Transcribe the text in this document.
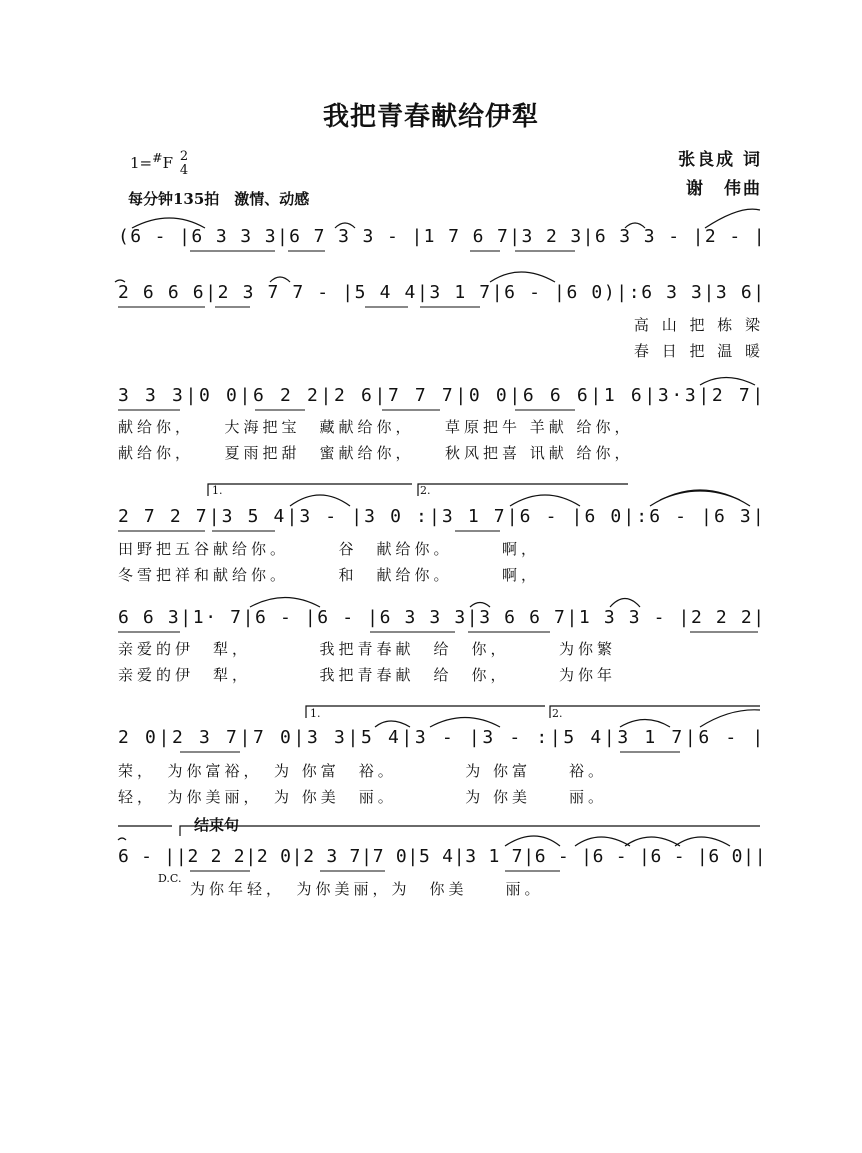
我把青春献给伊犁
1=#F 2
4
每分钟135拍　激情、动感
张良成 词
谢　伟曲
(6 - |6 3 3 3|6 7 3 3 - |1 7 6 7|3 2 3|6 3 3 - |2 - |
2 6 6 6|2 3 7 7 - |5 4 4|3 1 7|6 - |6 0)|:6 3 3|3 6|
高 山 把 栋 梁
春 日 把 温 暖
3 3 3|0 0|6 2 2|2 6|7 7 7|0 0|6 6 6|1 6|3·3|2 7|
献给你，　　大海把宝　藏献给你，　　草原把牛 羊献 给你，
献给你，　　夏雨把甜　蜜献给你，　　秋风把喜 讯献 给你，
1.	2.
2 7 2 7|3 5 4|3 - |3 0 :|3 1 7|6 - |6 0|:6 - |6 3|
田野把五谷献给你。　　　谷　献给你。　　　啊，
冬雪把祥和献给你。　　　和　献给你。　　　啊，
6 6 3|1· 7|6 - |6 - |6 3 3 3|3 6 6 7|1 3 3 - |2 2 2|
亲爱的伊　犁，　　　　我把青春献　给　你，　　　为你繁
亲爱的伊　犁，　　　　我把青春献　给　你，　　　为你年
1.	2.
2 0|2 3 7|7 0|3 3|5 4|3 - |3 - :|5 4|3 1 7|6 - |
荣，　为你富裕，　为 你富　裕。　　　　为 你富　　裕。
轻，　为你美丽，　为 你美　丽。　　　　为 你美　　丽。
结束句
6 - ||2 2 2|2 0|2 3 7|7 0|5 4|3 1 7|6 - |6 - |6 - |6 0||
D.C.
为你年轻，　为你美丽，为　你美　　丽。
